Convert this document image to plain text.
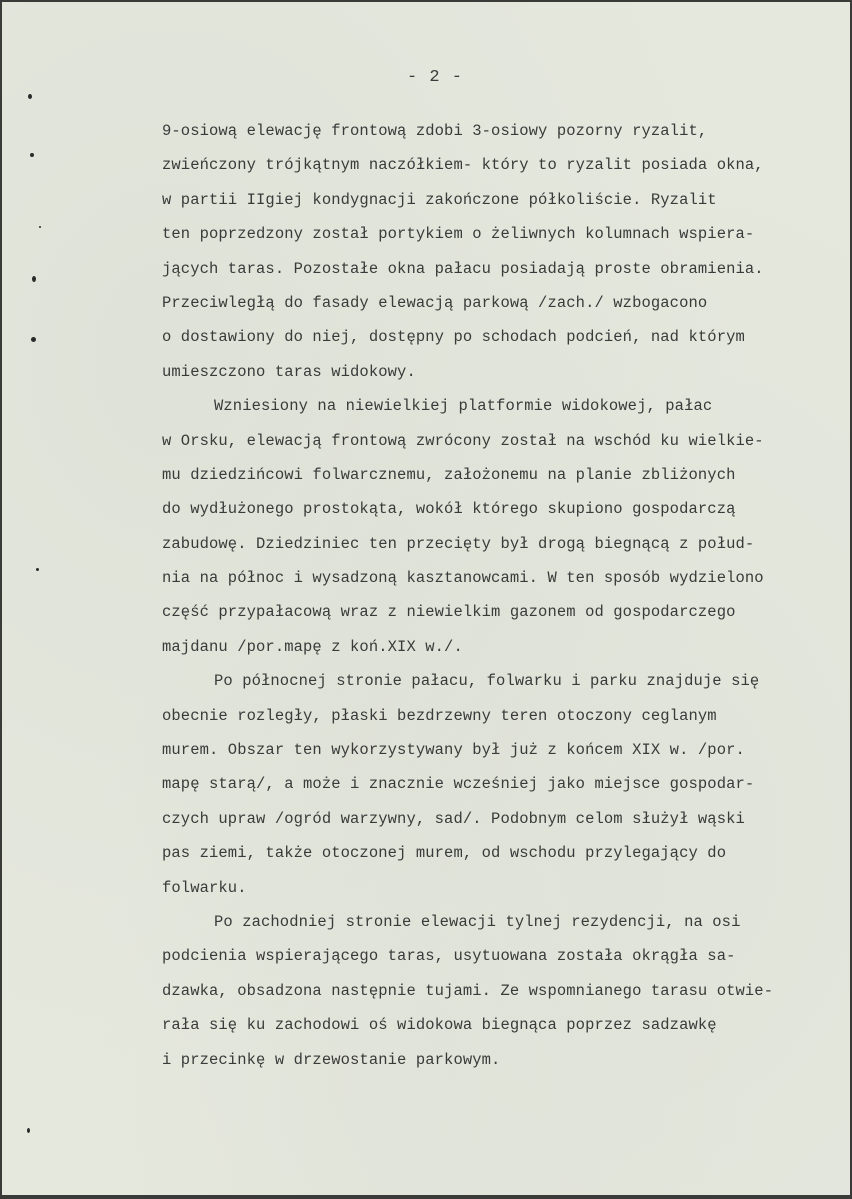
- 2 -
9-osiową elewację frontową zdobi 3-osiowy pozorny ryzalit,
zwieńczony trójkątnym naczółkiem- który to ryzalit posiada okna,
w partii IIgiej kondygnacji zakończone półkoliście. Ryzalit
ten poprzedzony został portykiem o żeliwnych kolumnach wspiera-
jących taras. Pozostałe okna pałacu posiadają proste obramienia.
Przeciwległą do fasady elewacją parkową /zach./ wzbogacono
o dostawiony do niej, dostępny po schodach podcień, nad którym
umieszczono taras widokowy.
Wzniesiony na niewielkiej platformie widokowej, pałac
w Orsku, elewacją frontową zwrócony został na wschód ku wielkie-
mu dziedzińcowi folwarcznemu, założonemu na planie zbliżonych
do wydłużonego prostokąta, wokół którego skupiono gospodarczą
zabudowę. Dziedziniec ten przecięty był drogą biegnącą z połud-
nia na północ i wysadzoną kasztanowcami. W ten sposób wydzielono
część przypałacową wraz z niewielkim gazonem od gospodarczego
majdanu /por.mapę z koń.XIX w./.
Po północnej stronie pałacu, folwarku i parku znajduje się
obecnie rozległy, płaski bezdrzewny teren otoczony ceglanym
murem. Obszar ten wykorzystywany był już z końcem XIX w. /por.
mapę starą/, a może i znacznie wcześniej jako miejsce gospodar-
czych upraw /ogród warzywny, sad/. Podobnym celom służył wąski
pas ziemi, także otoczonej murem, od wschodu przylegający do
folwarku.
Po zachodniej stronie elewacji tylnej rezydencji, na osi
podcienia wspierającego taras, usytuowana została okrągła sa-
dzawka, obsadzona następnie tujami. Ze wspomnianego tarasu otwie-
rała się ku zachodowi oś widokowa biegnąca poprzez sadzawkę
i przecinkę w drzewostanie parkowym.
